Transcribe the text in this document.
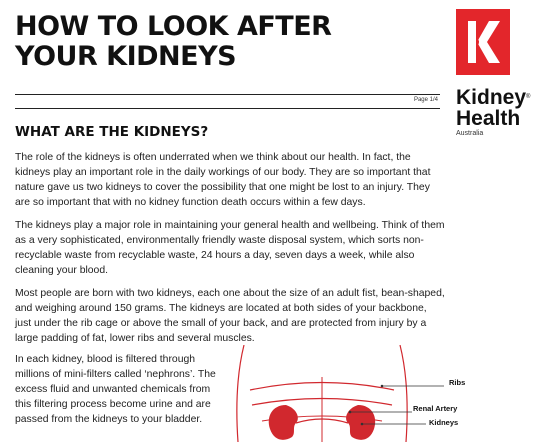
HOW TO LOOK AFTER
YOUR KIDNEYS
Kidney®
Health
Australia
Page 1/4
WHAT ARE THE KIDNEYS?

The role of the kidneys is often underrated when we think about our health. In fact, the kidneys play an important role in the daily workings of our body. They are so important that nature gave us two kidneys to cover the possibility that one might be lost to an injury. They are so important that with no kidney function death occurs within a few days.

The kidneys play a major role in maintaining your general health and wellbeing. Think of them as a very sophisticated, environmentally friendly waste disposal system, which sorts non-recyclable waste from recyclable waste, 24 hours a day, seven days a week, while also cleaning your blood.

Most people are born with two kidneys, each one about the size of an adult fist, bean-shaped, and weighing around 150 grams. The kidneys are located at both sides of your backbone, just under the rib cage or above the small of your back, and are protected from injury by a large padding of fat, lower ribs and several muscles.

In each kidney, blood is filtered through millions of mini-filters called ‘nephrons’. The excess fluid and unwanted chemicals from this filtering process become urine and are passed from the kidneys to your bladder.

Ribs
Renal Artery
Kidneys
